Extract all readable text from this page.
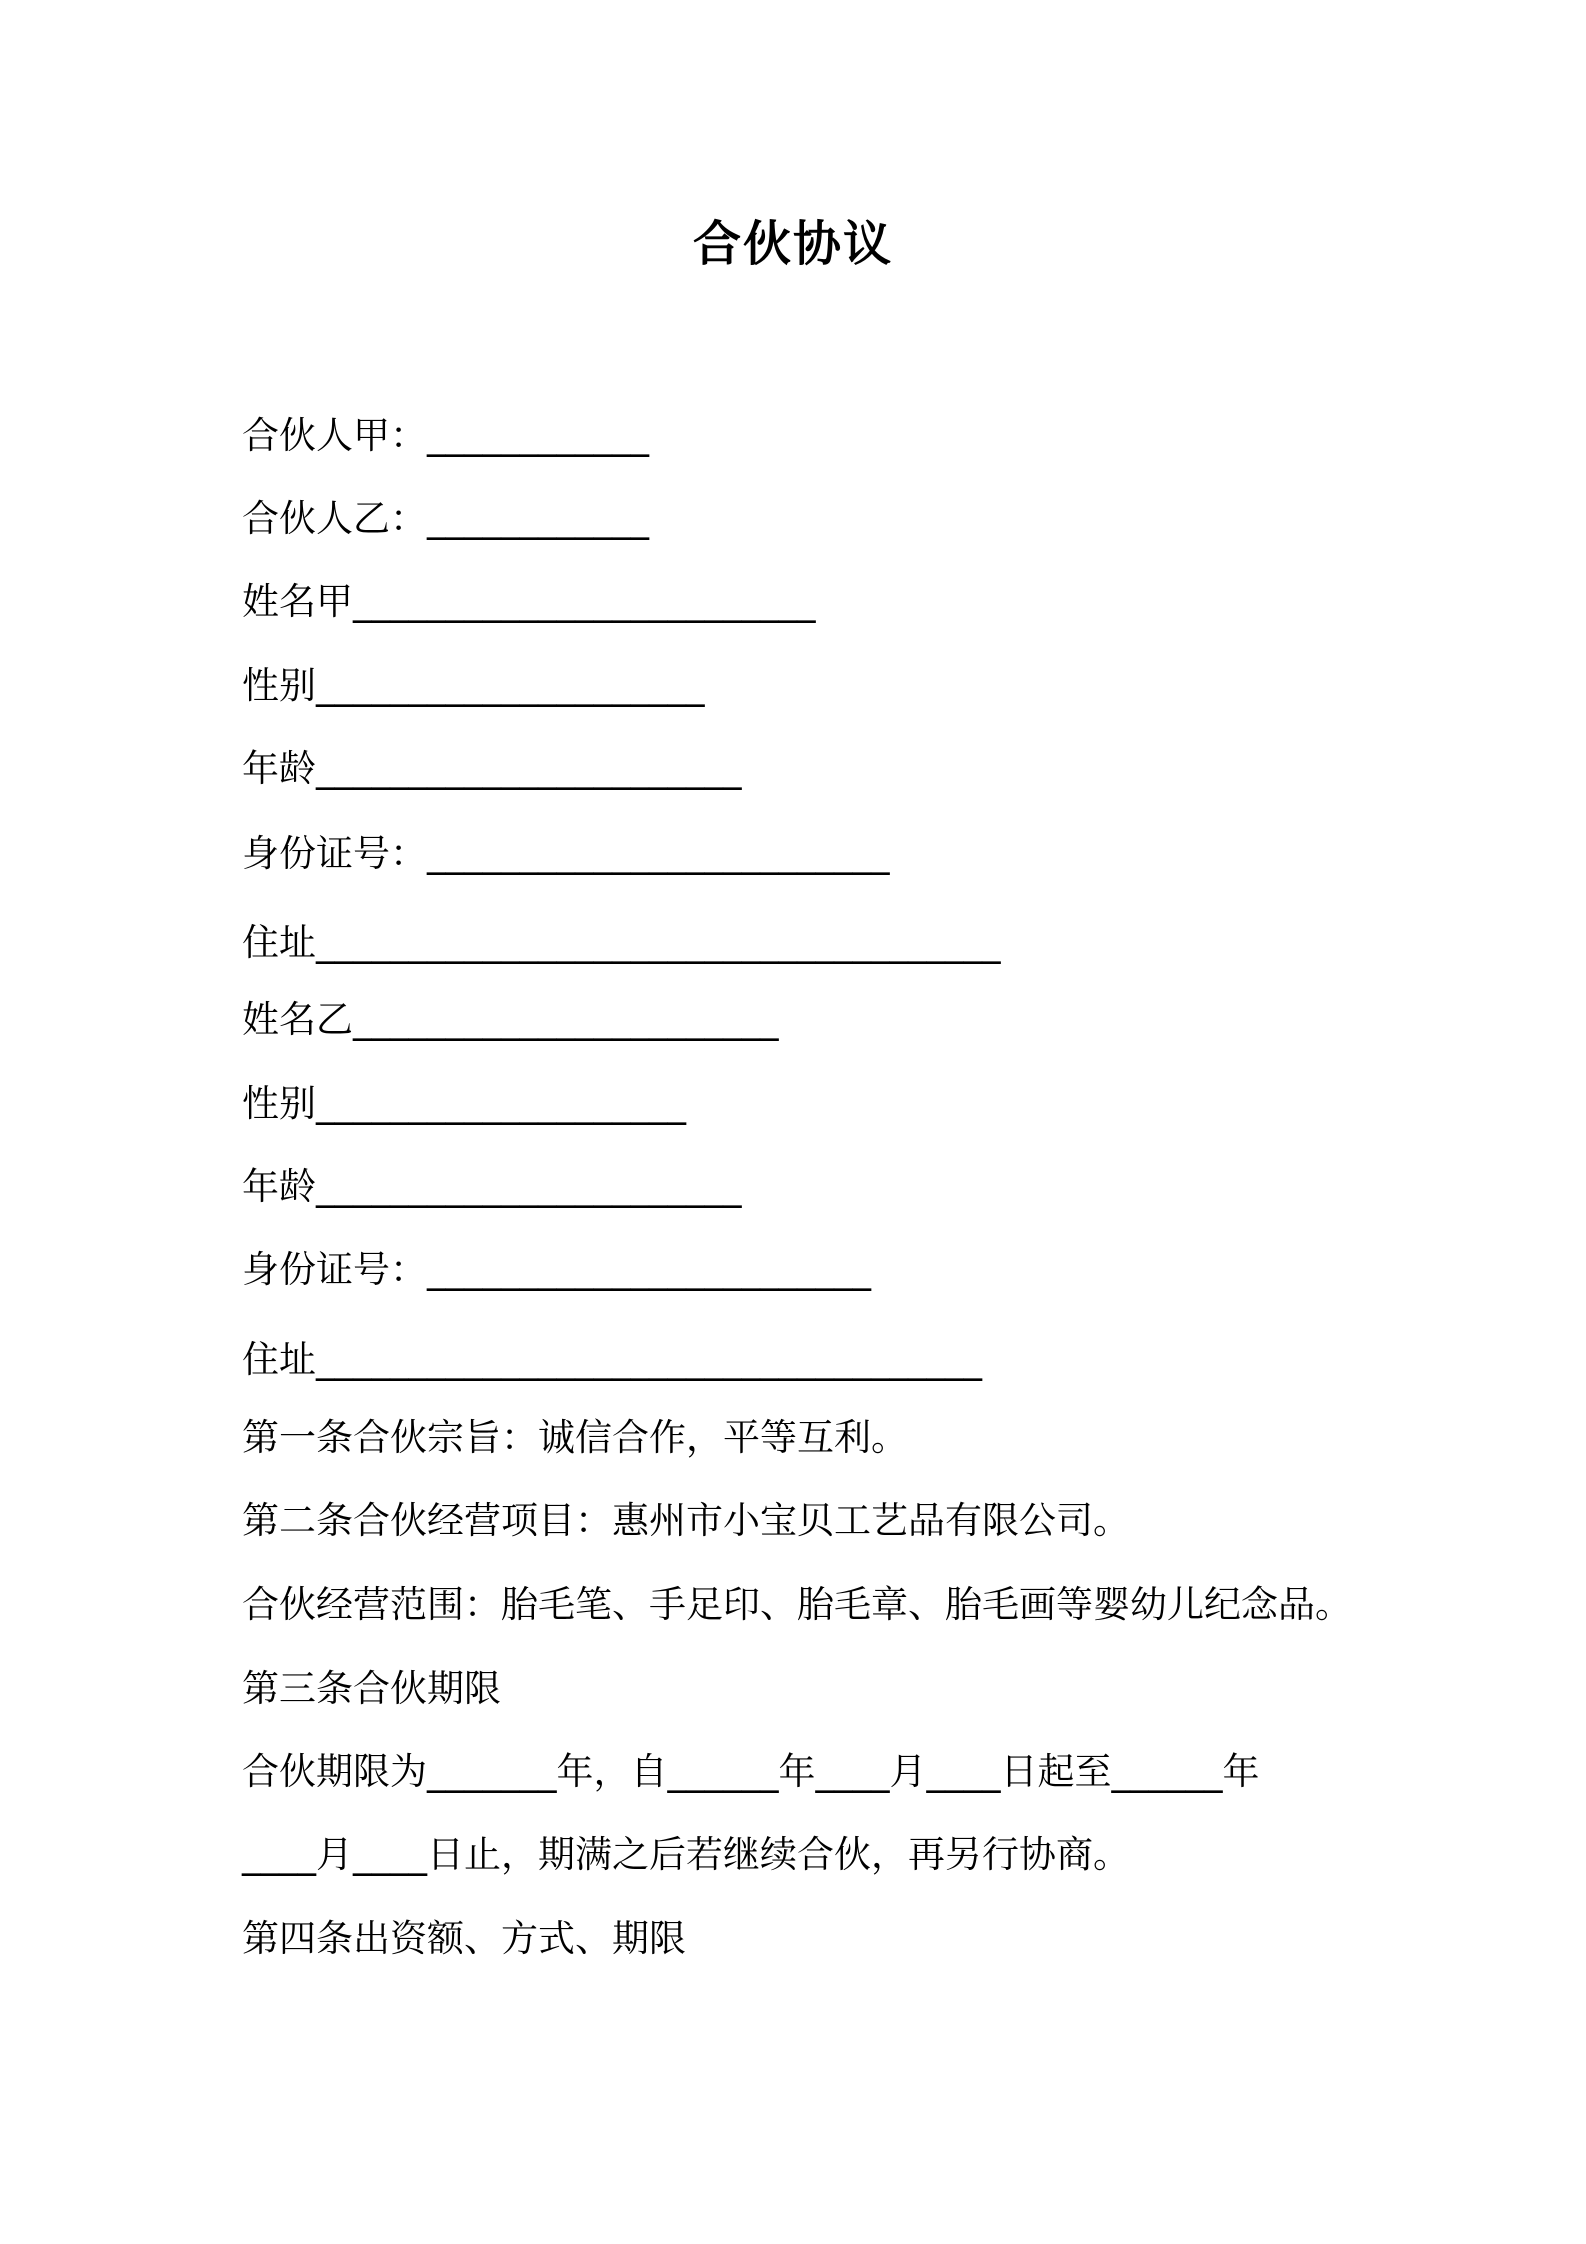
合伙协议
合伙人甲：____________
合伙人乙：____________
姓名甲_________________________
性别_____________________
年龄_______________________
身份证号：_________________________
住址_____________________________________
姓名乙_______________________
性别____________________
年龄_______________________
身份证号：________________________
住址____________________________________
第一条合伙宗旨：诚信合作，平等互利。
第二条合伙经营项目：惠州市小宝贝工艺品有限公司。
合伙经营范围：胎毛笔、手足印、胎毛章、胎毛画等婴幼儿纪念品。
第三条合伙期限
合伙期限为_______年，自______年____月____日起至______年
____月____日止，期满之后若继续合伙，再另行协商。
第四条出资额、方式、期限
